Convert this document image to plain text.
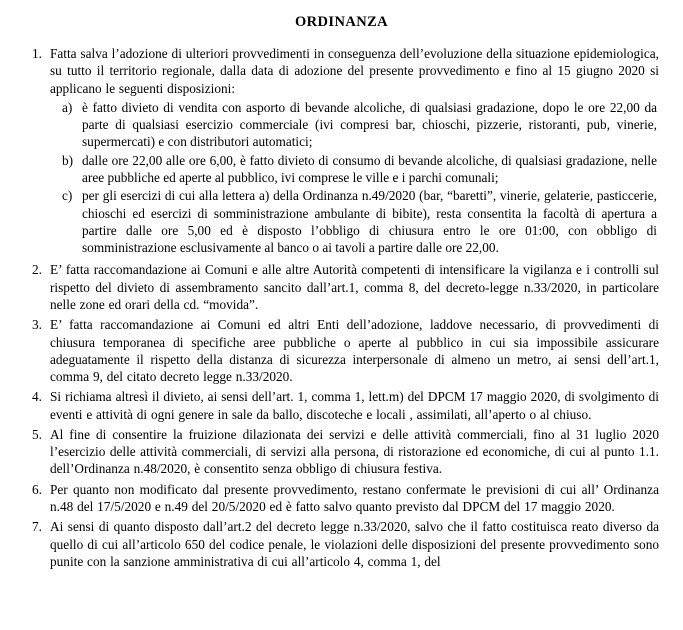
ORDINANZA
1. Fatta salva l’adozione di ulteriori provvedimenti in conseguenza dell’evoluzione della situazione epidemiologica, su tutto il territorio regionale, dalla data di adozione del presente provvedimento e fino al 15 giugno 2020 si applicano le seguenti disposizioni:
a) è fatto divieto di vendita con asporto di bevande alcoliche, di qualsiasi gradazione, dopo le ore 22,00 da parte di qualsiasi esercizio commerciale (ivi compresi bar, chioschi, pizzerie, ristoranti, pub, vinerie, supermercati) e con distributori automatici;
b) dalle ore 22,00 alle ore 6,00, è fatto divieto di consumo di bevande alcoliche, di qualsiasi gradazione, nelle aree pubbliche ed aperte al pubblico, ivi comprese le ville e i parchi comunali;
c) per gli esercizi di cui alla lettera a) della Ordinanza n.49/2020 (bar, “baretti”, vinerie, gelaterie, pasticcerie, chioschi ed esercizi di somministrazione ambulante di bibite), resta consentita la facoltà di apertura a partire dalle ore 5,00 ed è disposto l’obbligo di chiusura entro le ore 01:00, con obbligo di somministrazione esclusivamente al banco o ai tavoli a partire dalle ore 22,00.
2. E’ fatta raccomandazione ai Comuni e alle altre Autorità competenti di intensificare la vigilanza e i controlli sul rispetto del divieto di assembramento sancito dall’art.1, comma 8, del decreto-legge n.33/2020, in particolare nelle zone ed orari della cd. “movida”.
3. E’ fatta raccomandazione ai Comuni ed altri Enti dell’adozione, laddove necessario, di provvedimenti di chiusura temporanea di specifiche aree pubbliche o aperte al pubblico in cui sia impossibile assicurare adeguatamente il rispetto della distanza di sicurezza interpersonale di almeno un metro, ai sensi dell’art.1, comma 9, del citato decreto legge n.33/2020.
4. Si richiama altresì il divieto, ai sensi dell’art. 1, comma 1, lett.m) del DPCM 17 maggio 2020, di svolgimento di eventi e attività di ogni genere in sale da ballo, discoteche e locali , assimilati, all’aperto o al chiuso.
5. Al fine di consentire la fruizione dilazionata dei servizi e delle attività commerciali, fino al 31 luglio 2020 l’esercizio delle attività commerciali, di servizi alla persona, di ristorazione ed economiche, di cui al punto 1.1. dell’Ordinanza n.48/2020, è consentito senza obbligo di chiusura festiva.
6. Per quanto non modificato dal presente provvedimento, restano confermate le previsioni di cui all’ Ordinanza n.48 del 17/5/2020 e n.49 del 20/5/2020 ed è fatto salvo quanto previsto dal DPCM del 17 maggio 2020.
7. Ai sensi di quanto disposto dall’art.2 del decreto legge n.33/2020, salvo che il fatto costituisca reato diverso da quello di cui all’articolo 650 del codice penale, le violazioni delle disposizioni del presente provvedimento sono punite con la sanzione amministrativa di cui all’articolo 4, comma 1, del
